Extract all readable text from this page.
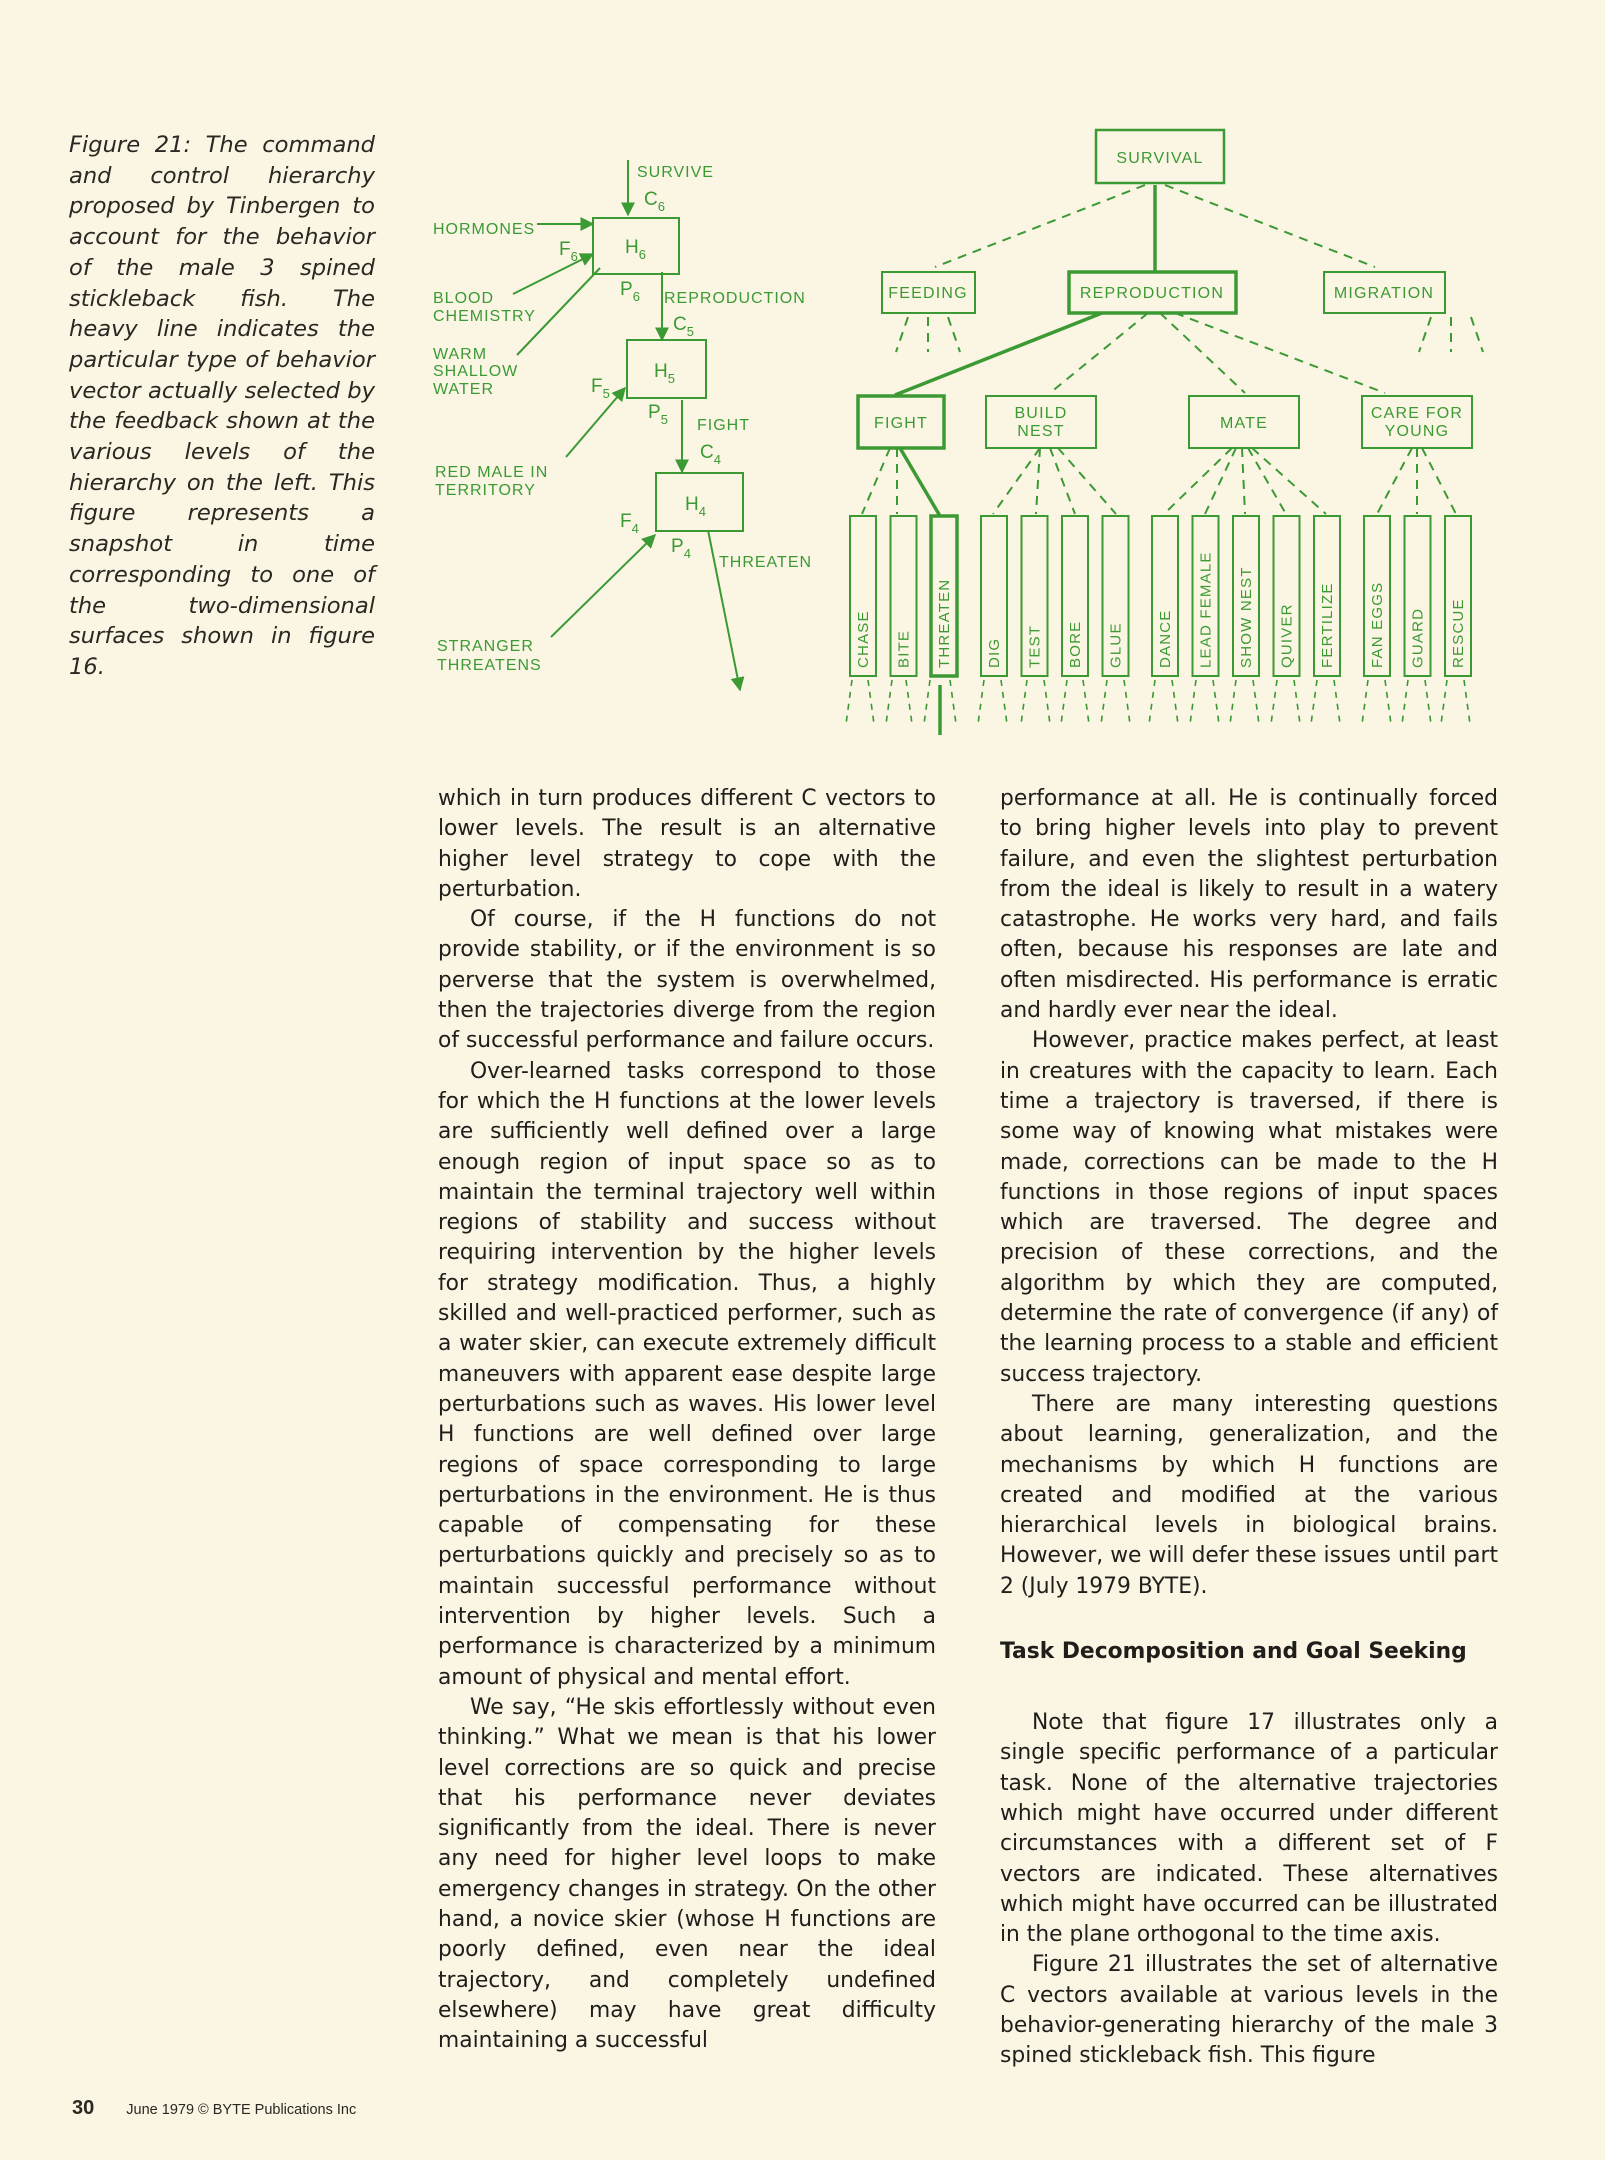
Figure 21: The command and control hierarchy proposed by Tinbergen to account for the behavior of the male 3 spined stickleback fish. The heavy line indicates the particular type of behavior vector actually selected by the feedback shown at the various levels of the hierarchy on the left. This figure represents a snapshot in time corresponding to one of the two-dimensional surfaces shown in figure 16.
SURVIVE
HORMONES
BLOOD
CHEMISTRY
WARM
SHALLOW
WATER
REPRODUCTION
FIGHT
RED MALE IN
TERRITORY
THREATEN
STRANGER
THREATENS
$C_6$
$H_6$
$F_6$
$P_6$
$C_5$
$H_5$
$F_5$
$P_5$
$C_4$
$H_4$
$F_4$
$P_4$
SURVIVAL
FEEDING	REPRODUCTION	MIGRATION
FIGHT
BUILD
NEST	MATE
CARE FOR
YOUNG
CHASE BITE THREATEN DIG TEST BORE GLUE DANCE LEAD FEMALE SHOW NEST QUIVER FERTILIZE FAN EGGS GUARD RESCUE

which in turn produces different C vectors to lower levels. The result is an alternative higher level strategy to cope with the perturbation.

Of course, if the H functions do not provide stability, or if the environment is so perverse that the system is overwhelmed, then the trajectories diverge from the region of successful performance and failure occurs.

Over-learned tasks correspond to those for which the H functions at the lower levels are sufficiently well defined over a large enough region of input space so as to maintain the terminal trajectory well within regions of stability and success without requiring intervention by the higher levels for strategy modification. Thus, a highly skilled and well-practiced performer, such as a water skier, can execute extremely difficult maneuvers with apparent ease despite large perturbations such as waves. His lower level H functions are well defined over large regions of space corresponding to large perturbations in the environment. He is thus capable of compensating for these perturbations quickly and precisely so as to maintain successful performance without intervention by higher levels. Such a performance is characterized by a minimum amount of physical and mental effort.

We say, “He skis effortlessly without even thinking.” What we mean is that his lower level corrections are so quick and precise that his performance never deviates significantly from the ideal. There is never any need for higher level loops to make emergency changes in strategy. On the other hand, a novice skier (whose H functions are poorly defined, even near the ideal trajectory, and completely undefined elsewhere) may have great difficulty maintaining a successful

performance at all. He is continually forced to bring higher levels into play to prevent failure, and even the slightest perturbation from the ideal is likely to result in a watery catastrophe. He works very hard, and fails often, because his responses are late and often misdirected. His performance is erratic and hardly ever near the ideal.

However, practice makes perfect, at least in creatures with the capacity to learn. Each time a trajectory is traversed, if there is some way of knowing what mistakes were made, corrections can be made to the H functions in those regions of input spaces which are traversed. The degree and precision of these corrections, and the algorithm by which they are computed, determine the rate of convergence (if any) of the learning process to a stable and efficient success trajectory.

There are many interesting questions about learning, generalization, and the mechanisms by which H functions are created and modified at the various hierarchical levels in biological brains. However, we will defer these issues until part 2 (July 1979 BYTE).

Task Decomposition and Goal Seeking

Note that figure 17 illustrates only a single specific performance of a particular task. None of the alternative trajectories which might have occurred under different circumstances with a different set of F vectors are indicated. These alternatives which might have occurred can be illustrated in the plane orthogonal to the time axis.

Figure 21 illustrates the set of alternative C vectors available at various levels in the behavior-generating hierarchy of the male 3 spined stickleback fish. This figure

30 June 1979 © BYTE Publications Inc
